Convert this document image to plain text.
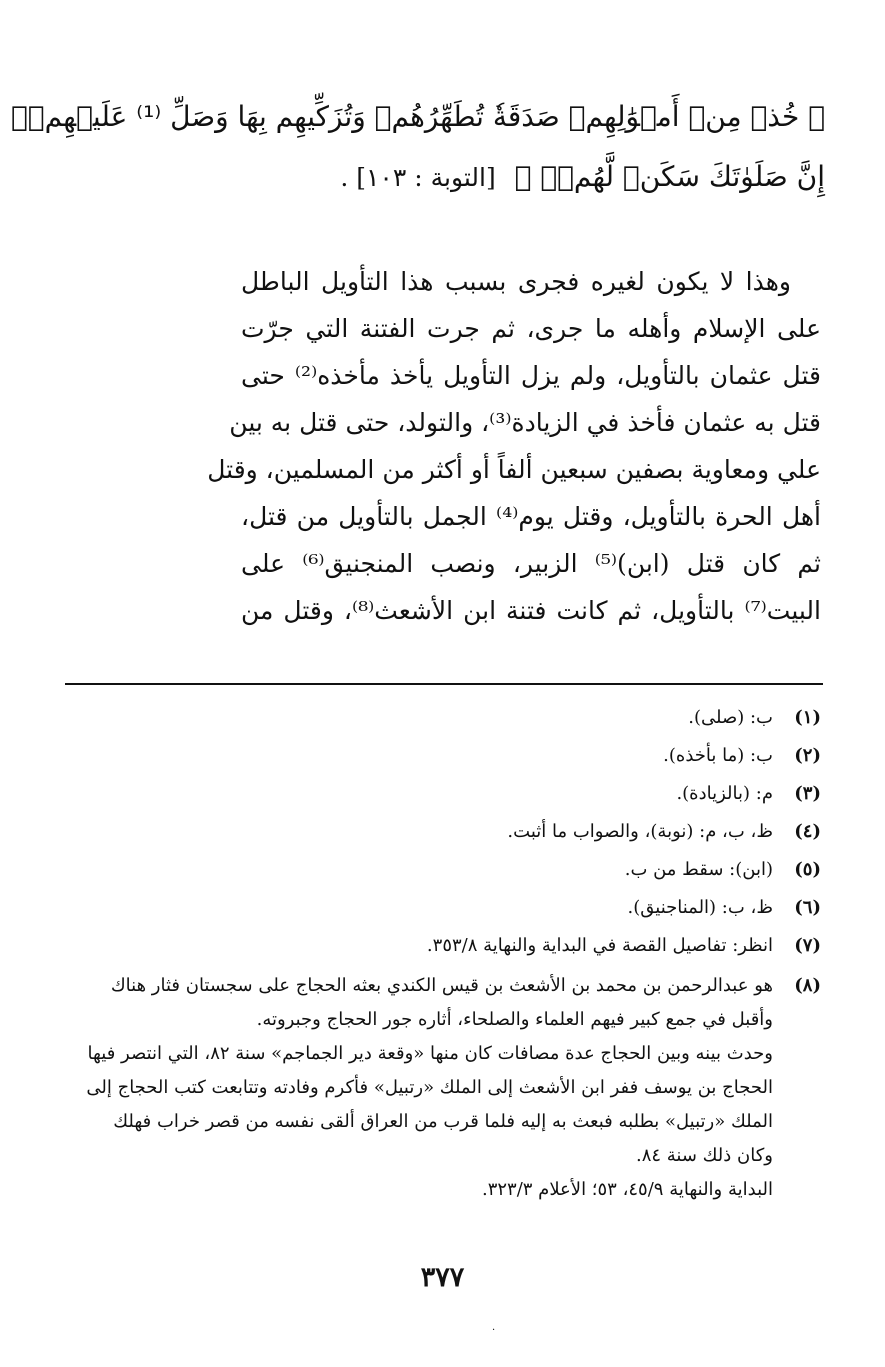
﴿ خُذۡ مِنۡ أَمۡوَٰلِهِمۡ صَدَقَةٗ تُطَهِّرُهُمۡ وَتُزَكِّيهِم بِهَا وَصَلِّ ⁽¹⁾ عَلَيۡهِمۡۖ
إِنَّ صَلَوٰتَكَ سَكَنٞ لَّهُمۡۗ ﴾ [التوبة : ١٠٣] .
وهذا لا يكون لغيره فجرى بسبب هذا التأويل الباطل
على الإسلام وأهله ما جرى، ثم جرت الفتنة التي جرّت
قتل عثمان بالتأويل، ولم يزل التأويل يأخذ مأخذه⁽²⁾ حتى
قتل به عثمان فأخذ في الزيادة⁽³⁾، والتولد، حتى قتل به بين
علي ومعاوية بصفين سبعين ألفاً أو أكثر من المسلمين، وقتل
أهل الحرة بالتأويل، وقتل يوم⁽⁴⁾ الجمل بالتأويل من قتل،
ثم كان قتل (ابن)⁽⁵⁾ الزبير، ونصب المنجنيق⁽⁶⁾ على
البيت⁽⁷⁾ بالتأويل، ثم كانت فتنة ابن الأشعث⁽⁸⁾، وقتل من
(١)
ب: (صلى).
(٢)
ب: (ما بأخذه).
(٣)
م: (بالزيادة).
(٤)
ظ، ب، م: (نوبة)، والصواب ما أثبت.
(٥)
(ابن): سقط من ب.
(٦)
ظ، ب: (المناجنيق).
(٧)
انظر: تفاصيل القصة في البداية والنهاية ٣٥٣/٨.
(٨)
هو عبدالرحمن بن محمد بن الأشعث بن قيس الكندي بعثه الحجاج على سجستان فثار هناك وأقبل في جمع كبير فيهم العلماء والصلحاء، أثاره جور الحجاج وجبروته.
وحدث بينه وبين الحجاج عدة مصافات كان منها «وقعة دير الجماجم» سنة ٨٢، التي انتصر فيها الحجاج بن يوسف ففر ابن الأشعث إلى الملك «رتبيل» فأكرم وفادته وتتابعت كتب الحجاج إلى الملك «رتبيل» بطلبه فبعث به إليه فلما قرب من العراق ألقى نفسه من قصر خراب فهلك وكان ذلك سنة ٨٤.
البداية والنهاية ٤٥/٩، ٥٣؛ الأعلام ٣٢٣/٣.
٣٧٧
·
